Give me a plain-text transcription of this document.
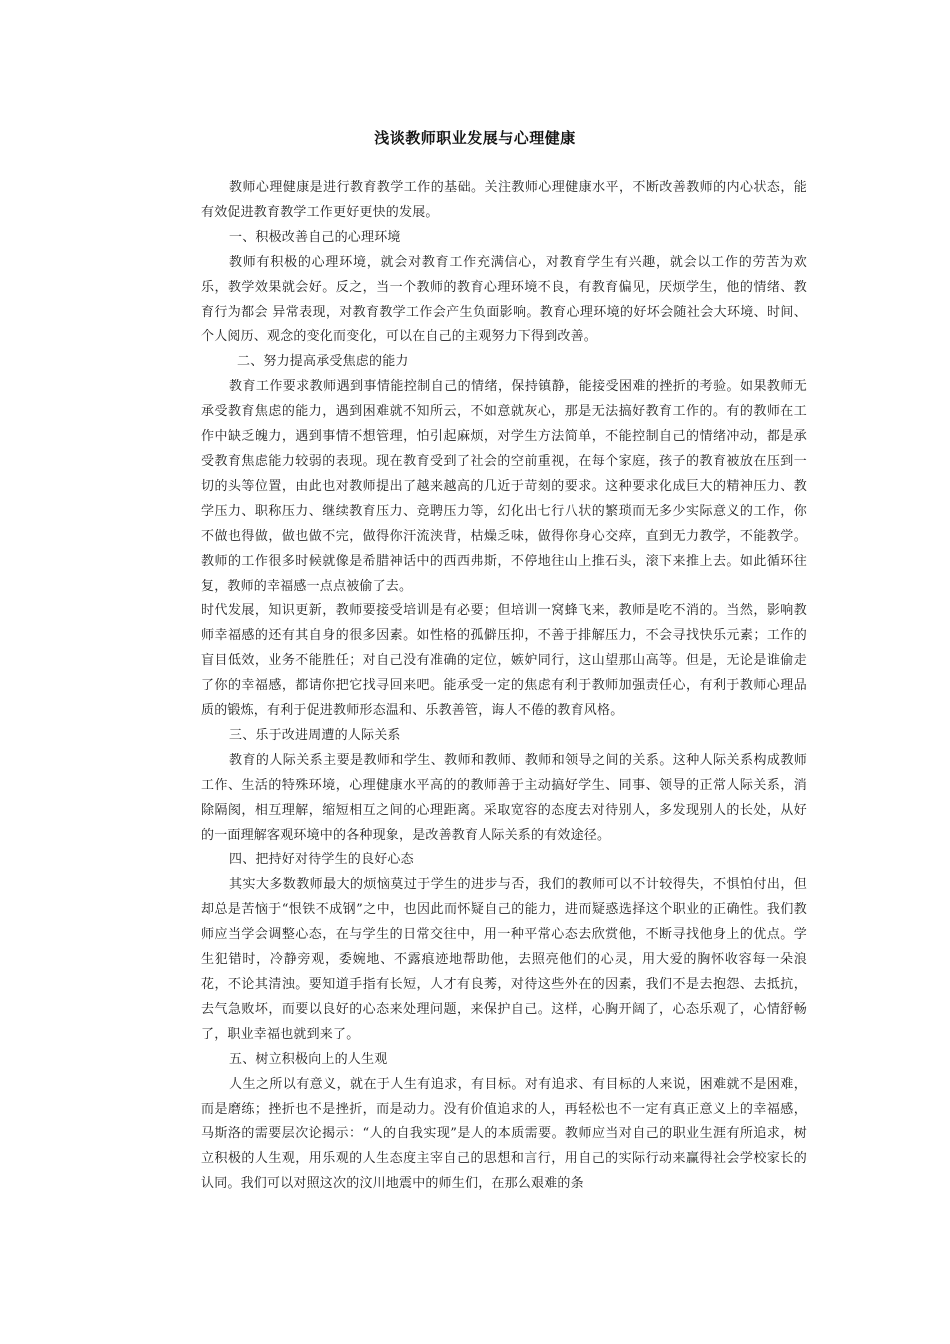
浅谈教师职业发展与心理健康

教师心理健康是进行教育教学工作的基础。关注教师心理健康水平，不断改善教师的内心状态，能有效促进教育教学工作更好更快的发展。

一、积极改善自己的心理环境

教师有积极的心理环境，就会对教育工作充满信心，对教育学生有兴趣，就会以工作的劳苦为欢乐，教学效果就会好。反之，当一个教师的教育心理环境不良，有教育偏见，厌烦学生，他的情绪、教育行为都会 异常表现，对教育教学工作会产生负面影响。教育心理环境的好坏会随社会大环境、时间、个人阅历、观念的变化而变化，可以在自己的主观努力下得到改善。

二、努力提高承受焦虑的能力

教育工作要求教师遇到事情能控制自己的情绪，保持镇静，能接受困难的挫折的考验。如果教师无承受教育焦虑的能力，遇到困难就不知所云，不如意就灰心，那是无法搞好教育工作的。有的教师在工作中缺乏魄力，遇到事情不想管理，怕引起麻烦，对学生方法简单，不能控制自己的情绪冲动，都是承受教育焦虑能力较弱的表现。现在教育受到了社会的空前重视，在每个家庭，孩子的教育被放在压到一切的头等位置，由此也对教师提出了越来越高的几近于苛刻的要求。这种要求化成巨大的精神压力、教学压力、职称压力、继续教育压力、竞聘压力等，幻化出七行八状的繁琐而无多少实际意义的工作，你不做也得做，做也做不完，做得你汗流浃背，枯燥乏味，做得你身心交瘁，直到无力教学，不能教学。教师的工作很多时候就像是希腊神话中的西西弗斯，不停地往山上推石头，滚下来推上去。如此循环往复，教师的幸福感一点点被偷了去。

时代发展，知识更新，教师要接受培训是有必要；但培训一窝蜂飞来，教师是吃不消的。当然，影响教师幸福感的还有其自身的很多因素。如性格的孤僻压抑，不善于排解压力，不会寻找快乐元素；工作的盲目低效，业务不能胜任；对自己没有准确的定位，嫉妒同行，这山望那山高等。但是，无论是谁偷走了你的幸福感，都请你把它找寻回来吧。能承受一定的焦虑有利于教师加强责任心，有利于教师心理品质的锻炼，有利于促进教师形态温和、乐教善管，诲人不倦的教育风格。

三、乐于改进周遭的人际关系

教育的人际关系主要是教师和学生、教师和教师、教师和领导之间的关系。这种人际关系构成教师工作、生活的特殊环境，心理健康水平高的的教师善于主动搞好学生、同事、领导的正常人际关系，消除隔阂，相互理解，缩短相互之间的心理距离。采取宽容的态度去对待别人，多发现别人的长处，从好的一面理解客观环境中的各种现象，是改善教育人际关系的有效途径。

四、把持好对待学生的良好心态

其实大多数教师最大的烦恼莫过于学生的进步与否，我们的教师可以不计较得失，不惧怕付出，但却总是苦恼于“恨铁不成钢”之中，也因此而怀疑自己的能力，进而疑惑选择这个职业的正确性。我们教师应当学会调整心态，在与学生的日常交往中，用一种平常心态去欣赏他，不断寻找他身上的优点。学生犯错时，冷静旁观，委婉地、不露痕迹地帮助他，去照亮他们的心灵，用大爱的胸怀收容每一朵浪花，不论其清浊。要知道手指有长短，人才有良莠，对待这些外在的因素，我们不是去抱怨、去抵抗，去气急败坏，而要以良好的心态来处理问题，来保护自己。这样，心胸开阔了，心态乐观了，心情舒畅了，职业幸福也就到来了。

五、树立积极向上的人生观

人生之所以有意义，就在于人生有追求，有目标。对有追求、有目标的人来说，困难就不是困难，而是磨练；挫折也不是挫折，而是动力。没有价值追求的人，再轻松也不一定有真正意义上的幸福感，马斯洛的需要层次论揭示：“人的自我实现”是人的本质需要。教师应当对自己的职业生涯有所追求，树立积极的人生观，用乐观的人生态度主宰自己的思想和言行，用自己的实际行动来赢得社会学校家长的认同。我们可以对照这次的汶川地震中的师生们，在那么艰难的条
